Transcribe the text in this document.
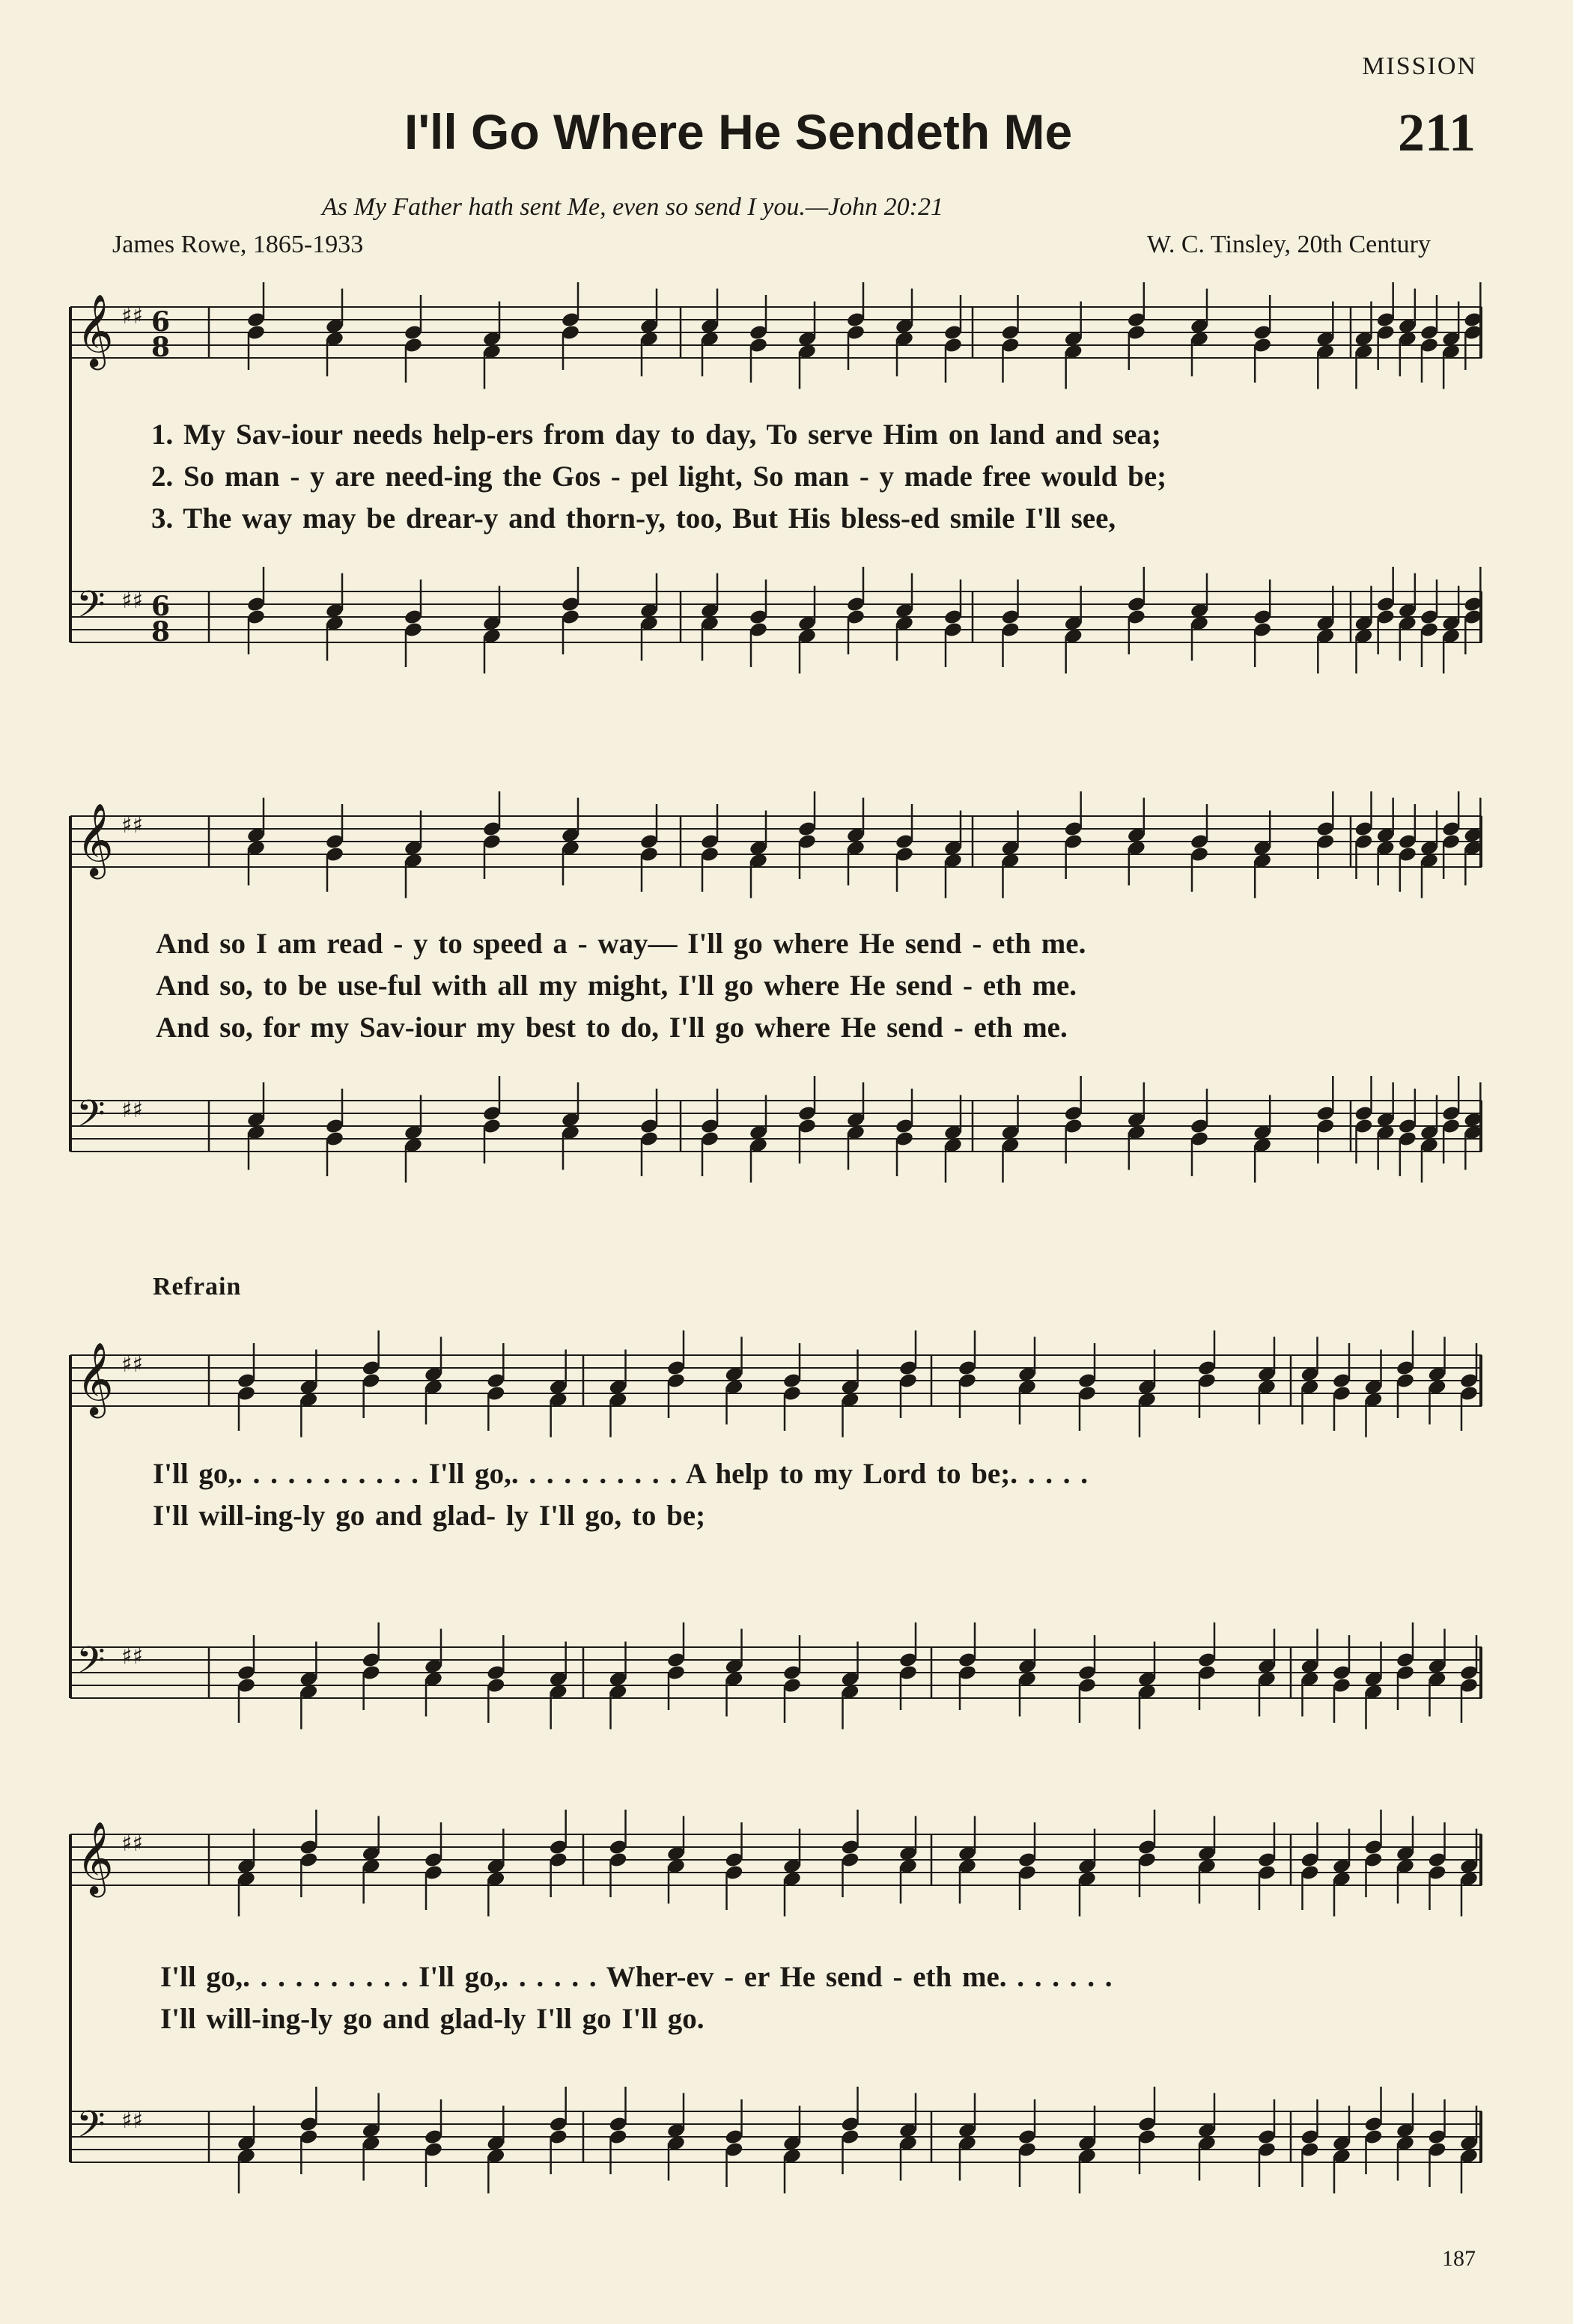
MISSION
I'll Go Where He Sendeth Me	211
As My Father hath sent Me, even so send I you.—John 20:21
James Rowe, 1865-1933	W. C. Tinsley, 20th Century
𝄞 ♯♯ 6
8
𝄢 ♯♯ 6
8
1. My Sav-iour needs help-ers from day to day, To serve Him on land and sea;
2. So man - y are need-ing the Gos - pel light, So man - y made free would be;
3. The way may be drear-y and thorn-y, too, But His bless-ed smile I'll see,
𝄞 ♯♯
𝄢 ♯♯
And so I am read - y to speed a - way— I'll go where He send - eth me.
And so, to be use-ful with all my might, I'll go where He send - eth me.
And so, for my Sav-iour my best to do, I'll go where He send - eth me.
Refrain
𝄞 ♯♯
𝄢 ♯♯
I'll go,. . . . . . . . . . . I'll go,. . . . . . . . . . A help to my Lord to be;. . . . .
I'll will-ing-ly go and glad- ly I'll go, to be;
𝄞 ♯♯
𝄢 ♯♯
I'll go,. . . . . . . . . . I'll go,. . . . . . Wher-ev - er He send - eth me. . . . . . .
I'll will-ing-ly go and glad-ly I'll go I'll go.
187
